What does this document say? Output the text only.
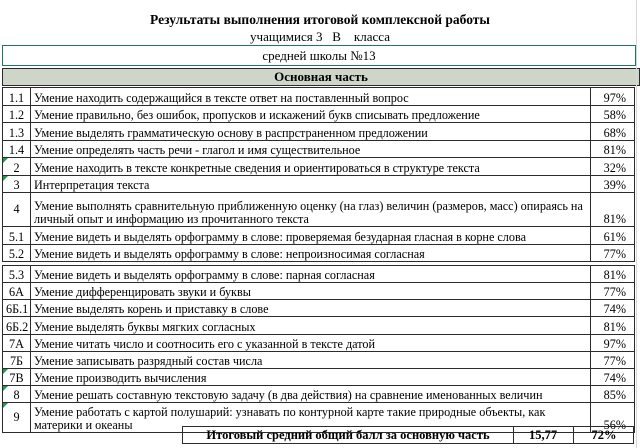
Результаты выполнения итоговой комплексной работы
учащимися 3 В класса
средней школы №13
Основная часть
1.1	Умение находить содержащийся в тексте ответ на поставленный вопрос	97%
1.2	Умение правильно, без ошибок, пропусков и искажений букв списывать предложение	58%
1.3	Умение выделять грамматическую основу в распрстраненном предложении	68%
1.4	Умение определять часть речи - глагол и имя существительное	81%

2	Умение находить в тексте конкретные сведения и ориентироваться в структуре текста	32%

3	Интерпретация текста	39%
4	Умение выполнять сравнительную приближенную оценку (на глаз) величин (размеров, масс) опираясь на личный опыт и информацию из прочитанного текста	81%
5.1	Умение видеть и выделять орфограмму в слове: проверяемая безударная гласная в корне слова	61%
5.2	Умение видеть и выделять орфограмму в слове: непроизносимая согласная	77%

5.3	Умение видеть и выделять орфограмму в слове: парная согласная	81%
6А	Умение дифференцировать звуки и буквы	77%
6Б.1	Умение выделять корень и приставку в слове	74%
6Б.2	Умение выделять буквы мягких согласных	81%
7А	Умение читать число и соотносить его с указанной в тексте датой	97%
7Б	Умение записывать разрядный состав числа	77%

7В	Умение производить вычисления	74%

8	Умение решать составную текстовую задачу (в два действия) на сравнение именованных величин	85%

9	Умение работать с картой полушарий: узнавать по контурной карте такие природные объекты, как материки и океаны	56%
Итоговый средний общий балл за основную часть	15,77	72%
